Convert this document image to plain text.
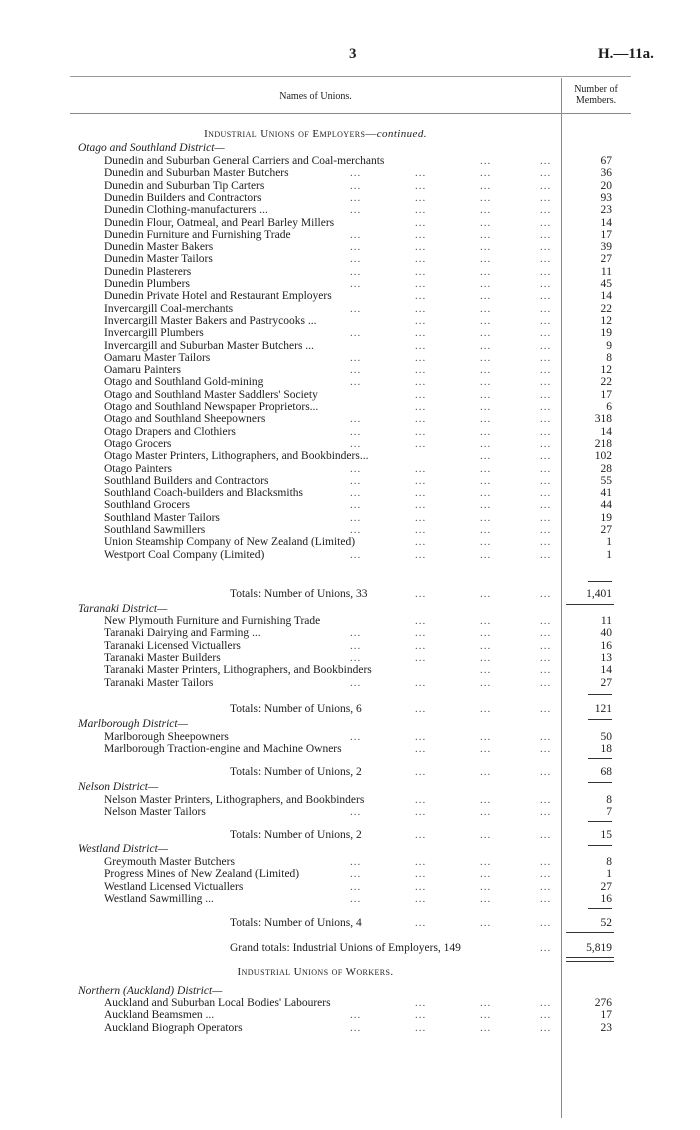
3	H.—11a.
Names of Unions.
Number of Members.
Industrial Unions of Employers—continued.
Otago and Southland District—
Dunedin and Suburban General Carriers and Coal-merchants	...	...	67
Dunedin and Suburban Master Butchers	...	...	...	...	36
Dunedin and Suburban Tip Carters	...	...	...	...	20
Dunedin Builders and Contractors	...	...	...	...	93
Dunedin Clothing-manufacturers ...	...	...	...	...	23
Dunedin Flour, Oatmeal, and Pearl Barley Millers	...	...	...	14
Dunedin Furniture and Furnishing Trade	...	...	...	...	17
Dunedin Master Bakers	...	...	...	...	39
Dunedin Master Tailors	...	...	...	...	27
Dunedin Plasterers	...	...	...	...	11
Dunedin Plumbers	...	...	...	...	45
Dunedin Private Hotel and Restaurant Employers	...	...	...	14
Invercargill Coal-merchants	...	...	...	...	22
Invercargill Master Bakers and Pastrycooks ...	...	...	...	12
Invercargill Plumbers	...	...	...	...	19
Invercargill and Suburban Master Butchers ...	...	...	...	9
Oamaru Master Tailors	...	...	...	...	8
Oamaru Painters	...	...	...	...	12
Otago and Southland Gold-mining	...	...	...	...	22
Otago and Southland Master Saddlers' Society	...	...	...	17
Otago and Southland Newspaper Proprietors...	...	...	...	6
Otago and Southland Sheepowners	...	...	...	...	318
Otago Drapers and Clothiers	...	...	...	...	14
Otago Grocers	...	...	...	...	218
Otago Master Printers, Lithographers, and Bookbinders...	...	...	102
Otago Painters	...	...	...	...	28
Southland Builders and Contractors	...	...	...	...	55
Southland Coach-builders and Blacksmiths	...	...	...	...	41
Southland Grocers	...	...	...	...	44
Southland Master Tailors	...	...	...	...	19
Southland Sawmillers	...	...	...	...	27
Union Steamship Company of New Zealand (Limited)	...	...	...	1
Westport Coal Company (Limited)	...	...	...	...	1
Totals: Number of Unions, 33	...	...	...	1,401
Taranaki District—
New Plymouth Furniture and Furnishing Trade	...	...	...	11
Taranaki Dairying and Farming ...	...	...	...	...	40
Taranaki Licensed Victuallers	...	...	...	...	16
Taranaki Master Builders	...	...	...	...	13
Taranaki Master Printers, Lithographers, and Bookbinders	...	...	14
Taranaki Master Tailors	...	...	...	...	27
Totals: Number of Unions, 6	...	...	...	121
Marlborough District—
Marlborough Sheepowners	...	...	...	...	50
Marlborough Traction-engine and Machine Owners	...	...	...	18
Totals: Number of Unions, 2	...	...	...	68
Nelson District—
Nelson Master Printers, Lithographers, and Bookbinders	...	...	...	8
Nelson Master Tailors	...	...	...	...	7
Totals: Number of Unions, 2	...	...	...	15
Westland District—
Greymouth Master Butchers	...	...	...	...	8
Progress Mines of New Zealand (Limited)	...	...	...	...	1
Westland Licensed Victuallers	...	...	...	...	27
Westland Sawmilling ...	...	...	...	...	16
Totals: Number of Unions, 4	...	...	...	52
Grand totals: Industrial Unions of Employers, 149	...	5,819
Industrial Unions of Workers.
Northern (Auckland) District—
Auckland and Suburban Local Bodies' Labourers	...	...	...	276
Auckland Beamsmen ...	...	...	...	...	17
Auckland Biograph Operators	...	...	...	...	23
